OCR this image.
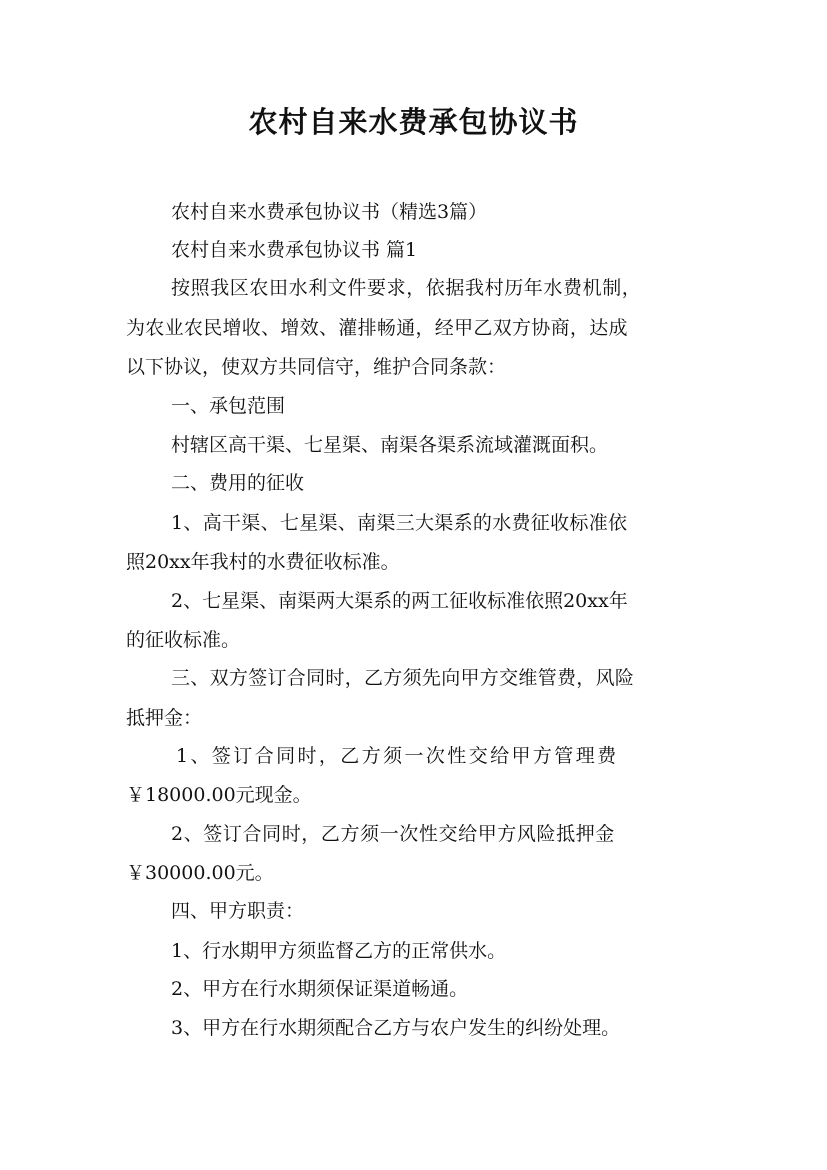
农村自来水费承包协议书
农村自来水费承包协议书（精选3篇）
农村自来水费承包协议书 篇1
按照我区农田水利文件要求，依据我村历年水费机制，
为农业农民增收、增效、灌排畅通，经甲乙双方协商，达成
以下协议，使双方共同信守，维护合同条款：
一、承包范围
村辖区高干渠、七星渠、南渠各渠系流域灌溉面积。
二、费用的征收
1、高干渠、七星渠、南渠三大渠系的水费征收标准依
照20xx年我村的水费征收标准。
2、七星渠、南渠两大渠系的两工征收标准依照20xx年
的征收标准。
三、双方签订合同时，乙方须先向甲方交维管费，风险
抵押金：
1、签订合同时，乙方须一次性交给甲方管理费
￥18000.00元现金。
2、签订合同时，乙方须一次性交给甲方风险抵押金
￥30000.00元。
四、甲方职责：
1、行水期甲方须监督乙方的正常供水。
2、甲方在行水期须保证渠道畅通。
3、甲方在行水期须配合乙方与农户发生的纠纷处理。
